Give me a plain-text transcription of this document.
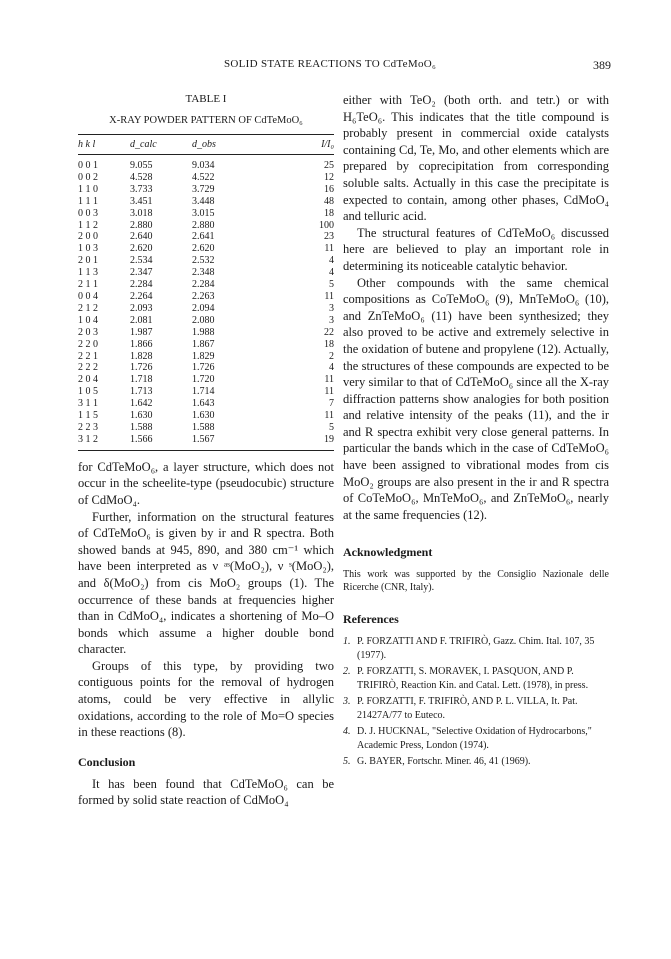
SOLID STATE REACTIONS TO CdTeMoO₆	389
TABLE I
X-RAY POWDER PATTERN OF CdTeMoO₆
h k l	d_calc	d_obs	I/I₀
0 0 1	9.055	9.034	25
0 0 2	4.528	4.522	12
1 1 0	3.733	3.729	16
1 1 1	3.451	3.448	48
0 0 3	3.018	3.015	18
1 1 2	2.880	2.880	100
2 0 0	2.640	2.641	23
1 0 3	2.620	2.620	11
2 0 1	2.534	2.532	4
1 1 3	2.347	2.348	4
2 1 1	2.284	2.284	5
0 0 4	2.264	2.263	11
2 1 2	2.093	2.094	3
1 0 4	2.081	2.080	3
2 0 3	1.987	1.988	22
2 2 0	1.866	1.867	18
2 2 1	1.828	1.829	2
2 2 2	1.726	1.726	4
2 0 4	1.718	1.720	11
1 0 5	1.713	1.714	11
3 1 1	1.642	1.643	7
1 1 5	1.630	1.630	11
2 2 3	1.588	1.588	5
3 1 2	1.566	1.567	19

for CdTeMoO₆, a layer structure, which does not occur in the scheelite-type (pseudocubic) structure of CdMoO₄.

Further, information on the structural features of CdTeMoO₆ is given by ir and R spectra. Both showed bands at 945, 890, and 380 cm⁻¹ which have been interpreted as ν ᵃˢ(MoO₂), ν ˢ(MoO₂), and δ(MoO₂) from cis MoO₂ groups (1). The occurrence of these bands at frequencies higher than in CdMoO₄, indicates a shortening of Mo–O bonds which assume a higher double bond character.

Groups of this type, by providing two contiguous points for the removal of hydrogen atoms, could be very effective in allylic oxidations, according to the role of Mo=O species in these reactions (8).

Conclusion

It has been found that CdTeMoO₆ can be formed by solid state reaction of CdMoO₄

either with TeO₂ (both orth. and tetr.) or with H₆TeO₆. This indicates that the title compound is probably present in commercial oxide catalysts containing Cd, Te, Mo, and other elements which are prepared by coprecipitation from corresponding soluble salts. Actually in this case the precipitate is expected to contain, among other phases, CdMoO₄ and telluric acid.

The structural features of CdTeMoO₆ discussed here are believed to play an important role in determining its noticeable catalytic behavior.

Other compounds with the same chemical compositions as CoTeMoO₆ (9), MnTeMoO₆ (10), and ZnTeMoO₆ (11) have been synthesized; they also proved to be active and extremely selective in the oxidation of butene and propylene (12). Actually, the structures of these compounds are expected to be very similar to that of CdTeMoO₆ since all the X-ray diffraction patterns show analogies for both position and relative intensity of the peaks (11), and the ir and R spectra exhibit very close general patterns. In particular the bands which in the case of CdTeMoO₆ have been assigned to vibrational modes from cis MoO₂ groups are also present in the ir and R spectra of CoTeMoO₆, MnTeMoO₆, and ZnTeMoO₆, nearly at the same frequencies (12).

Acknowledgment

This work was supported by the Consiglio Nazionale delle Ricerche (CNR, Italy).

References
1. P. FORZATTI AND F. TRIFIRÒ, Gazz. Chim. Ital. 107, 35 (1977).
2. P. FORZATTI, S. MORAVEK, I. PASQUON, AND P. TRIFIRÒ, Reaction Kin. and Catal. Lett. (1978), in press.
3. P. FORZATTI, F. TRIFIRÒ, AND P. L. VILLA, It. Pat. 21427A/77 to Euteco.
4. D. J. HUCKNAL, "Selective Oxidation of Hydrocarbons," Academic Press, London (1974).
5. G. BAYER, Fortschr. Miner. 46, 41 (1969).
